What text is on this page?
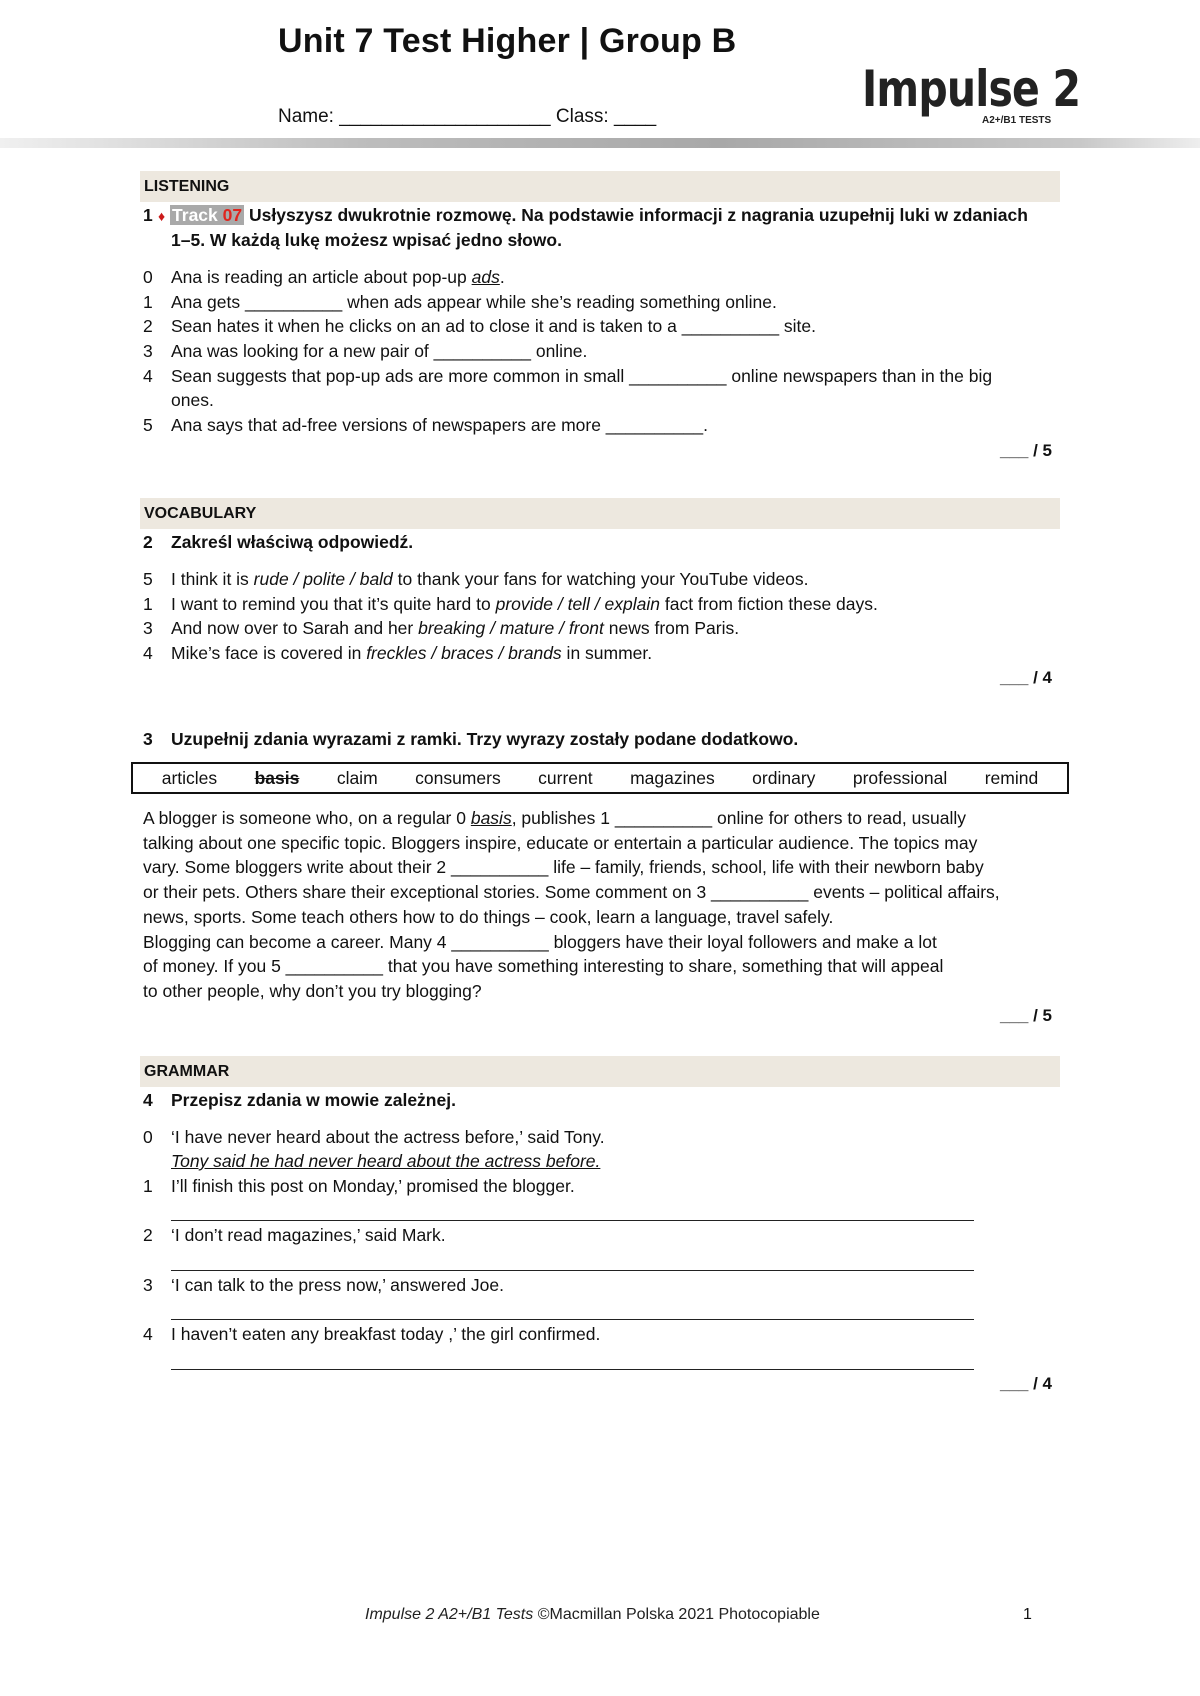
Unit 7 Test Higher | Group B
Name: ____________________ Class: ____	Impulse 2
A2+/B1 TESTS
LISTENING
1 ♦ Track 07 Usłyszysz dwukrotnie rozmowę. Na podstawie informacji z nagrania uzupełnij luki w zdaniach
1–5. W każdą lukę możesz wpisać jedno słowo.
0 Ana is reading an article about pop-up ads.
1 Ana gets __________ when ads appear while she’s reading something online.
2 Sean hates it when he clicks on an ad to close it and is taken to a __________ site.
3 Ana was looking for a new pair of __________ online.
4 Sean suggests that pop-up ads are more common in small __________ online newspapers than in the big
ones.
5 Ana says that ad-free versions of newspapers are more __________.
___ / 5
VOCABULARY
2 Zakreśl właściwą odpowiedź.
5 I think it is rude / polite / bald to thank your fans for watching your YouTube videos.
1 I want to remind you that it’s quite hard to provide / tell / explain fact from fiction these days.
3 And now over to Sarah and her breaking / mature / front news from Paris.
4 Mike’s face is covered in freckles / braces / brands in summer.
___ / 4
3 Uzupełnij zdania wyrazami z ramki. Trzy wyrazy zostały podane dodatkowo.
articles basis claim consumers current magazines ordinary professional remind
A blogger is someone who, on a regular 0 basis, publishes 1 __________ online for others to read, usually
talking about one specific topic. Bloggers inspire, educate or entertain a particular audience. The topics may
vary. Some bloggers write about their 2 __________ life – family, friends, school, life with their newborn baby
or their pets. Others share their exceptional stories. Some comment on 3 __________ events – political affairs,
news, sports. Some teach others how to do things – cook, learn a language, travel safely.
Blogging can become a career. Many 4 __________ bloggers have their loyal followers and make a lot
of money. If you 5 __________ that you have something interesting to share, something that will appeal
to other people, why don’t you try blogging?
___ / 5
GRAMMAR
4 Przepisz zdania w mowie zależnej.
0 ‘I have never heard about the actress before,’ said Tony.
Tony said he had never heard about the actress before.
1 I’ll finish this post on Monday,’ promised the blogger.
2 ‘I don’t read magazines,’ said Mark.
3 ‘I can talk to the press now,’ answered Joe.
4 I haven’t eaten any breakfast today ,’ the girl confirmed.
___ / 4
Impulse 2 A2+/B1 Tests ©Macmillan Polska 2021 Photocopiable	1
